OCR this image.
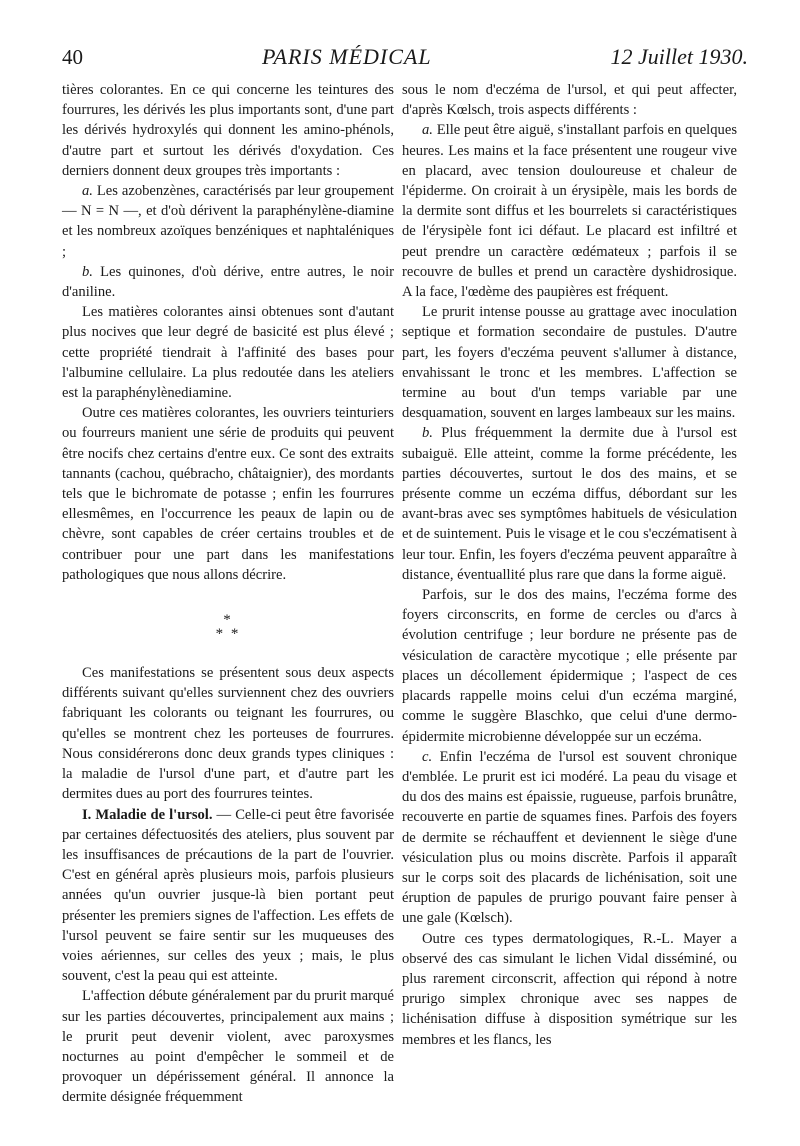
40	PARIS MÉDICAL	12 Juillet 1930.

tières colorantes. En ce qui concerne les teintures des fourrures, les dérivés les plus importants sont, d'une part les dérivés hydroxylés qui donnent les amino-phénols, d'autre part et surtout les dérivés d'oxydation. Ces derniers donnent deux groupes très importants :

a. Les azobenzènes, caractérisés par leur groupement — N = N —, et d'où dérivent la paraphénylène-diamine et les nombreux azoïques benzéniques et naphtaléniques ;

b. Les quinones, d'où dérive, entre autres, le noir d'aniline.

Les matières colorantes ainsi obtenues sont d'autant plus nocives que leur degré de basicité est plus élevé ; cette propriété tiendrait à l'affinité des bases pour l'albumine cellulaire. La plus redoutée dans les ateliers est la paraphénylènediamine.

Outre ces matières colorantes, les ouvriers teinturiers ou fourreurs manient une série de produits qui peuvent être nocifs chez certains d'entre eux. Ce sont des extraits tannants (cachou, québracho, châtaignier), des mordants tels que le bichromate de potasse ; enfin les fourrures ellesmêmes, en l'occurrence les peaux de lapin ou de chèvre, sont capables de créer certains troubles et de contribuer pour une part dans les manifestations pathologiques que nous allons décrire.

*
* *

Ces manifestations se présentent sous deux aspects différents suivant qu'elles surviennent chez des ouvriers fabriquant les colorants ou teignant les fourrures, ou qu'elles se montrent chez les porteuses de fourrures. Nous considérerons donc deux grands types cliniques : la maladie de l'ursol d'une part, et d'autre part les dermites dues au port des fourrures teintes.

I. Maladie de l'ursol. — Celle-ci peut être favorisée par certaines défectuosités des ateliers, plus souvent par les insuffisances de précautions de la part de l'ouvrier. C'est en général après plusieurs mois, parfois plusieurs années qu'un ouvrier jusque-là bien portant peut présenter les premiers signes de l'affection. Les effets de l'ursol peuvent se faire sentir sur les muqueuses des voies aériennes, sur celles des yeux ; mais, le plus souvent, c'est la peau qui est atteinte.

L'affection débute généralement par du prurit marqué sur les parties découvertes, principalement aux mains ; le prurit peut devenir violent, avec paroxysmes nocturnes au point d'empêcher le sommeil et de provoquer un dépérissement général. Il annonce la dermite désignée fréquemment

sous le nom d'eczéma de l'ursol, et qui peut affecter, d'après Kœlsch, trois aspects différents :

a. Elle peut être aiguë, s'installant parfois en quelques heures. Les mains et la face présentent une rougeur vive en placard, avec tension douloureuse et chaleur de l'épiderme. On croirait à un érysipèle, mais les bords de la dermite sont diffus et les bourrelets si caractéristiques de l'érysipèle font ici défaut. Le placard est infiltré et peut prendre un caractère œdémateux ; parfois il se recouvre de bulles et prend un caractère dyshidrosique. A la face, l'œdème des paupières est fréquent.

Le prurit intense pousse au grattage avec inoculation septique et formation secondaire de pustules. D'autre part, les foyers d'eczéma peuvent s'allumer à distance, envahissant le tronc et les membres. L'affection se termine au bout d'un temps variable par une desquamation, souvent en larges lambeaux sur les mains.

b. Plus fréquemment la dermite due à l'ursol est subaiguë. Elle atteint, comme la forme précédente, les parties découvertes, surtout le dos des mains, et se présente comme un eczéma diffus, débordant sur les avant-bras avec ses symptômes habituels de vésiculation et de suintement. Puis le visage et le cou s'eczématisent à leur tour. Enfin, les foyers d'eczéma peuvent apparaître à distance, éventuallité plus rare que dans la forme aiguë.

Parfois, sur le dos des mains, l'eczéma forme des foyers circonscrits, en forme de cercles ou d'arcs à évolution centrifuge ; leur bordure ne présente pas de vésiculation de caractère mycotique ; elle présente par places un décollement épidermique ; l'aspect de ces placards rappelle moins celui d'un eczéma marginé, comme le suggère Blaschko, que celui d'une dermo-épidermite microbienne développée sur un eczéma.

c. Enfin l'eczéma de l'ursol est souvent chronique d'emblée. Le prurit est ici modéré. La peau du visage et du dos des mains est épaissie, rugueuse, parfois brunâtre, recouverte en partie de squames fines. Parfois des foyers de dermite se réchauffent et deviennent le siège d'une vésiculation plus ou moins discrète. Parfois il apparaît sur le corps soit des placards de lichénisation, soit une éruption de papules de prurigo pouvant faire penser à une gale (Kœlsch).

Outre ces types dermatologiques, R.-L. Mayer a observé des cas simulant le lichen Vidal disséminé, ou plus rarement circonscrit, affection qui répond à notre prurigo simplex chronique avec ses nappes de lichénisation diffuse à disposition symétrique sur les membres et les flancs, les
